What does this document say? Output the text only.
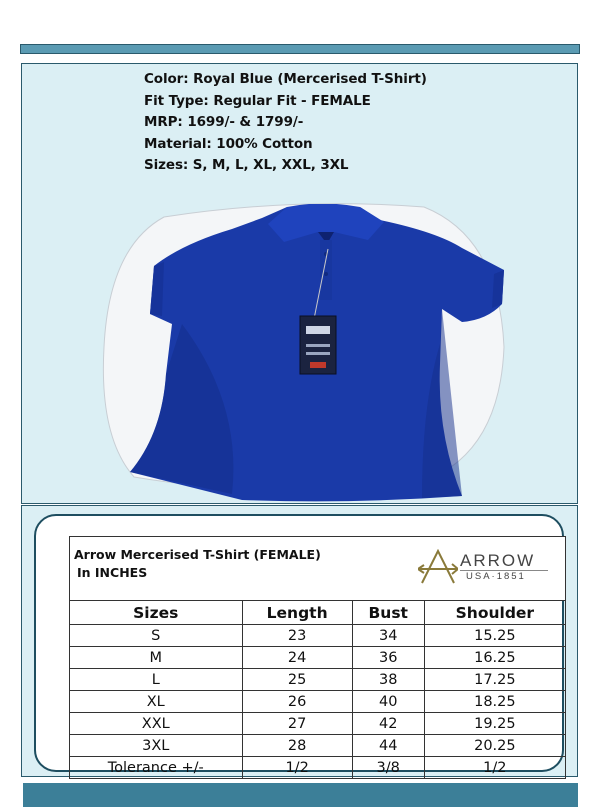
Color: Royal Blue (Mercerised T-Shirt)
Fit Type: Regular Fit - FEMALE
MRP: 1699/- & 1799/-
Material: 100% Cotton
Sizes: S, M, L, XL, XXL, 3XL
Arrow Mercerised T-Shirt (FEMALE)
In INCHES
ARROW
USA·1851
Sizes	Length	Bust	Shoulder
S	23	34	15.25
M	24	36	16.25
L	25	38	17.25
XL	26	40	18.25
XXL	27	42	19.25
3XL	28	44	20.25
Tolerance +/-	1/2	3/8	1/2
